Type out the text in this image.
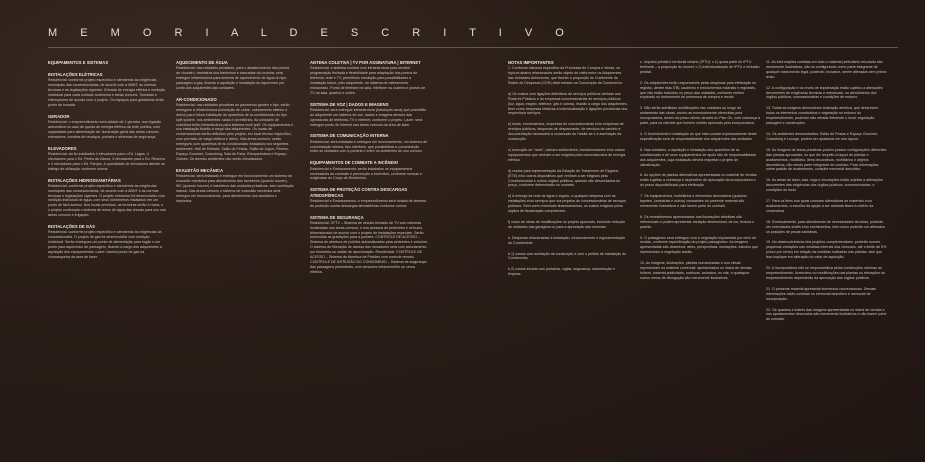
M E M O R I A L D E S C R I T I V O
EQUIPAMENTOS E SISTEMAS
INSTALAÇÕES ELÉTRICAS
Residencial: conforme projeto específico e atendendo às exigências municipais das concessionárias, de acordo com a ABNT, as normas técnicas e as legislações vigentes. Entrada de energia elétrica e medição individual para cada unidade autônoma e áreas comuns. Tomadas e interruptores de acordo com o projeto. Os espaços para geladeiras terão ponto de tomada.
GERADOR
Residencial: o empreendimento será dotado de 1 gerador, com ligação automática no caso de queda de energia elétrica da rede pública, com capacidade para alimentação de: iluminação geral das áreas comuns, elevadores, bombas de recalque, portaria e sistemas de segurança.
ELEVADORES
Residencial: serão instalados 4 elevadores para o Ed. Lagos, 4 elevadores para o Ed. Pedra da Gávea, 5 elevadores para o Ed. Reserva e 4 elevadores para o Ed. Parque. A quantidade de elevadores atende ao tráfego de utilização conforme norma.
INSTALAÇÕES HIDROSSANITÁRIAS
Residencial: conforme projeto específico e atendendo às exigências municipais das concessionárias, de acordo com a ABNT e as normas técnicas e legislações vigentes. O projeto hidráulico foi desenvolvido com medição individual de água, com seus hidrômetros instalados em um ponto de fácil acesso. Nos locais previstos, as torneiras serão à rosca, e o projeto contempla o sistema de reúso de água das chuvas para uso nas áreas comuns e irrigação.
INSTALAÇÕES DE GÁS
Residencial: conforme projeto específico e atendendo às exigências da concessionária. O projeto de gás foi desenvolvido com medição individual. Serão entregues um ponto de alimentação para fogão e um ponto para aquecedor de passagem, ficando a cargo dos adquirentes a aquisição dos equipamentos. Lazer: haverá ponto de gás na churrasqueira da área de lazer.
AQUECIMENTO DE ÁGUA
Residencial: nas unidades privativas, para o abastecimento dos pontos de chuveiro, banheiras dos banheiros e bancadas da cozinha, será entregue infraestrutura para sistema de aquecimento de água do tipo passagem a gás, ficando a aquisição e instalação do aquecedor por conta dos adquirentes das unidades.
AR-CONDICIONADO
Residencial: nas unidades privativas de pavimento garden e tipo, serão entregues a infraestrutura (tubulação de cobre, cabeamento elétrico e dreno) para futura instalação de aparelhos de ar-condicionado do tipo split system, nos ambientes: salas e dormitórios. As unidades de cobertura terão infraestrutura para sistema multi split. Os equipamentos e sua instalação ficarão a cargo dos adquirentes. Os locais de condensadoras serão definidos pelo projeto, em local técnico específico, com previsão de carga elétrica e dreno. Nas áreas comuns: serão entregues com aparelhos de ar-condicionado instalados nos seguintes ambientes: Hall de Entrada, Salão de Festas, Salão de Jogos, Fitness, Espaço Gourmet, Coworking, Sala de Estar, Brinquedoteca e Espaço Games. Os demais ambientes não serão climatizados.
EXAUSTÃO MECÂNICA
Residencial: será instalado e entregue em funcionamento um sistema de exaustão mecânica para atendimento dos banheiros (quando houver), WC (quando houver) e banheiros das unidades privativas, sem ventilação natural. Nas áreas comuns o sistema de exaustão mecânica será entregue em funcionamento, para atendimento dos sanitários e depósitos.
ANTENA COLETIVA | TV POR ASSINATURA | INTERNET
Residencial: o sistema contará com infraestrutura para receber programação fechada e flexibilidade para adaptação dos pontos de telefonia, rede e TV, permitindo tubulação para possibilidades a instalação futura, pelo adquirente, de sistema de cabeamento estruturado. Ponto de telefone na sala, interfone na cozinha e pontos de TV na sala, quartos e suítes.
SISTEMA DE VOZ | DADOS E IMAGENS
Residencial: será entregue infraestrutura (tubulação seca) que possibilite ao adquirente um sistema de voz, dados e imagens através das operadoras de telefonia, TV e internet, conforme o projeto. Lazer: será entregue ponto de internet nas áreas comuns da área de lazer.
SISTEMA DE COMUNICAÇÃO INTERNA
Residencial: será instalado e entregue em funcionamento, um sistema de comunicação interna, tipo interfone, que possibilitará a comunicação entre as unidades com a portaria e entre os ambientes de uso comum.
EQUIPAMENTOS DE COMBATE A INCÊNDIO
Residencial e Embasamento: serão instalados os equipamentos necessários ao combate e prevenção a incêndios, conforme normas e exigências do Corpo de Bombeiros.
SISTEMA DE PROTEÇÃO CONTRA DESCARGAS ATMOSFÉRICAS
Residencial e Embasamento: o empreendimento será dotado de sistema de proteção contra descargas atmosféricas conforme norma.
SISTEMA DE SEGURANÇA
Residencial: CFTV – Sistema de circuito fechado de TV com câmeras localizadas nas áreas comuns, e nos acessos de pedestres e veículos, dimensionado de acordo com o projeto de instalações especiais. Serão fornecidas as gravações para a portaria. CONTROLE DE ACESSO – Sistema de abertura de portões automatizados para pedestres e veículos. O sistema de liberação de acesso dos moradores será com acionamento por biometria ou cartão de aproximação. Residencial: CONTROLE DE ACESSO – Sistema de Abertura de Portões com controle remoto. CONTROLE DE INTRUSÃO DO CONDOMÍNIO – Sistema de segurança das passagens perimetrais, com sensores infravermelho ou cerca elétrica.
NOTAS IMPORTANTES
1. Conforme cláusula específica da Promessa de Compra e Venda, os tópicos abaixo relacionados serão objeto de visita entre os Adquirentes das Unidades Autônomas, que fixarão a proporção de Coeficiente de Rateio de Despesas (CDR) determinado na Convenção de Condomínio.
a) Os custos com ligações definitivas de serviços públicos devidas aos Poderes Públicos e às empresas concessionárias de serviços públicos (luz, água, esgoto, telefone, gás e outras), ficarão a cargo dos adquirentes, bem como despesas relativas à individualização e ligações provisórias dos respectivos serviços.
b) taxas, emolumentos, empresas de concessionárias e/ou empresas de serviços públicos, despesas de despachante, de serviços de cartório e documentação necessária à concessão do Habite-se e à averbação da construção.
c) execução do "neck", câmara subterrânea, transformadores e/ou outros equipamentos que venham a ser exigidos pela concessionária de energia elétrica.
d) custos para implementação da Estação de Tratamento de Esgotos (ETE) e/ou outros dispositivos que venham a ser exigidos pela Concessionária e outros órgãos públicos, quando não descontados do preço, conforme determinado no contrato.
e) A entrega da rede de água e esgoto, a qualquer despesa com as instalações e/ou serviços que ora projetos de concessionárias de serviços públicos. Sem como eventuais financiamentos, os custos exigidos pelos órgãos de fiscalização competentes.
f) custo de obras de modificações no projeto aprovado, incluindo redução de unidades das garagens ou para a aprovação das mesmas.
h. Despesas relacionadas à instalação, funcionamento e regulamentação do Condomínio:
b.1) custos com aceitação da construção e com o pedido de instalação do Condomínio;
b.2) custos iniciais com portarias, vigias, segurança, manutenção e limpeza.
c. Imposto predial e territorial urbano (IPTU): c.1) quota parte do IPTU territorial – a proporção do imóvel; c.2) Individualização de IPTU e inclusão predial.
2. Os adquirentes terão responsáveis pelas despesas para efetivação do registro, dentre elas ITBI, laudêmio e emolumentos notariais e registrais, que não estão incluídos no preço das unidades, conforme melhor explicado no instrumento de promessa de compra e venda.
3. Não serão admitidas modificações nas unidades ao longo do andamento das obras, exceto as eventualmente oferecidas pela incorporadora, dentro do prazo oficial, através do Plan On, com cobrança à parte, para os clientes que tiverem crédito aprovado pela incorporadora.
4. O fornecimento e instalação do que está constar expressamente deste especificação será de responsabilidade dos adquirentes das unidades.
5. Nas unidades, a aquisição e instalação dos aparelhos de ar-condicionado e de seus equipamentos de apoio são de responsabilidade dos adquirentes, cuja instalação deverá respeitar o projeto de climatização.
6. As opções de plantas alternativas apresentadas no material de vendas estão sujeitas a cobrança e dependem de aprovação da incorporadora e do prazo disponibilizado para efetivação.
7. Os equipamentos, mobiliários e elementos decorativos (quadros, tapetes, luminárias e outros) constantes do presente material são meramente ilustrativos e não fazem parte do contrato.
8. Os revestimentos apresentados nas ilustrações artísticas são referenciais e podem apresentar variação dimensional, de cor, textura e padrão.
9. O paisagismo será entregue com a vegetação implantada por meio de mudas, conforme especificação do projeto paisagístico. As imagens apresentadas são desenhos, artes, perspectivas, ilustrações, estudos que representam a vegetação adulta.
10. As imagens, ilustrações, plantas humanizadas e tour virtual representam na material comercial, apresentados no stand de vendas, folders, material publicitário, outdoors, anúncios, no site, e quaisquer outros meios de divulgação são meramente ilustrativas.
11. As informações contidas em todo o material publicitário veiculado são meramente ilustrativas, não se configurando como parte integrante de qualquer instrumento legal, podendo, inclusive, serem alteradas sem prévio aviso.
12. A configuração e os níveis de implantação estão sujeitos a alterações decorrentes de exigências técnicas e estruturais, ou atendimento dos órgãos públicos, concessionárias e condições de entorno.
13. Todas as imagens demonstram ilustração artística, que descrevem todos os elementos construtivos e vegetação no entorno do empreendimento, podendo não retratar fielmente o local, vegetação, paisagem e construções.
14. Os ambientes demonstrados: Salão de Festas e Espaço Gourmet, Coworking e Lounge, podem ser ajustados em seu layout.
15. As imagens de áreas privativas podem possuir configurações diferentes das plantas aprovadas, no que diz respeito a layout de plantas e acabamentos, mobiliário, itens decorativos, mobiliários e objetos decorativos, não sendo parte integrante do contrato. Para informações sobre padrão de acabamento, consulte memorial descritivo.
16. As áreas de lazer, sala, rega e circulações estão sujeitas a alterações decorrentes das exigências dos órgãos públicos, concessionárias, e condições do local.
17. Para os itens nos quais constam alternativas de materiais e/ou acabamentos, a escolha da opção a ser adotada ficará a critério da construtora.
18. Eventualmente, para atendimento de necessidades técnicas, poderão ser executados shafts e/ou enchimentos, bem como poderão ser alterados os posições de peças sanitárias.
19. No desenvolvimento dos projetos complementares, poderão ocorrer pequenas variações nas medidas internas dos cômodos, até o limite de 5% (cinco por cento) em relação às medidas indicadas nas plantas, sem que isso implique em alteração do valor de aquisição.
20. A incorporadora não se responsabiliza pelas construções vizinhas ao empreendimento. Acréscimo ou modificações nas plantas ou elevações do empreendimento dependerão da aprovação dos órgãos públicos.
21. O presente material apresenta elementos convencionais. Demais informações estão contidas no memorial descritivo e memorial de incorporação.
22. Os quadros e lustres das imagens apresentadas no stand de vendas e nos apartamentos decorados são meramente ilustrativos e não fazem parte do contrato.
